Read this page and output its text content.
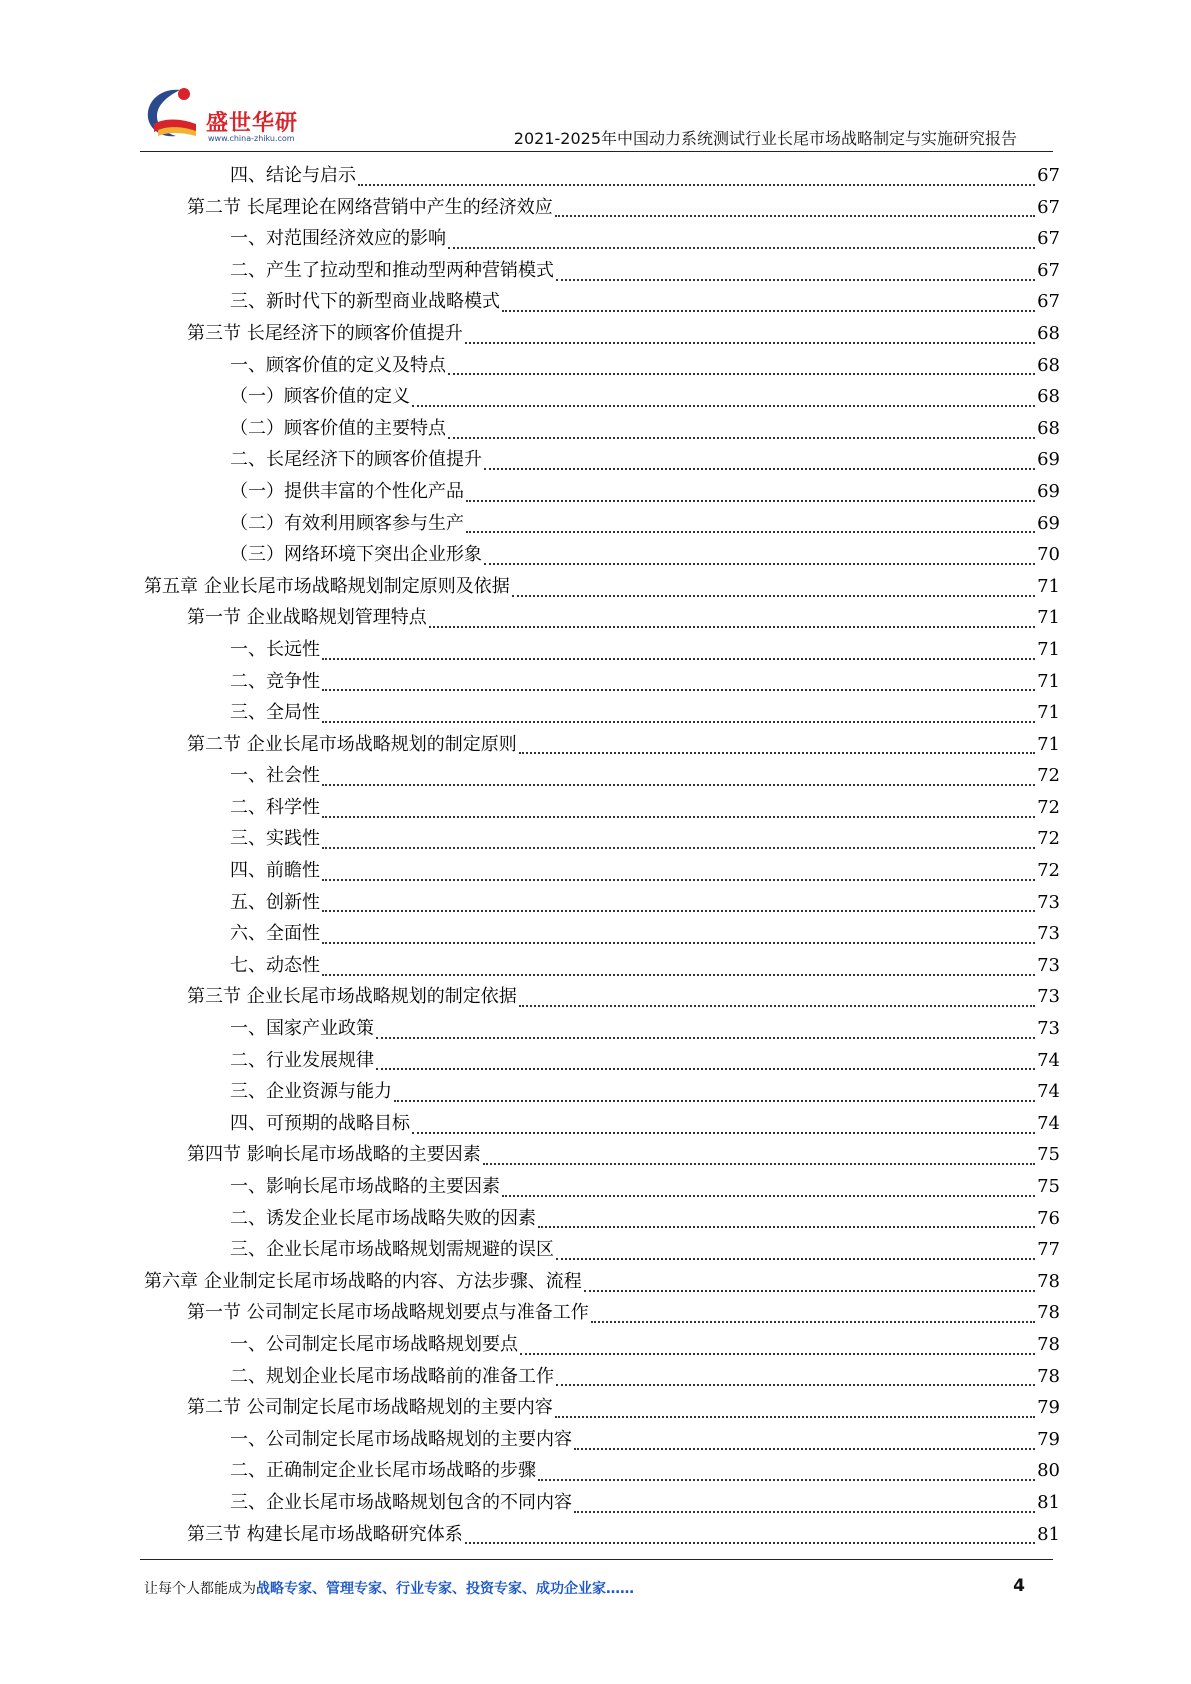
盛世华研
www.china-zhiku.com	2021-2025年中国动力系统测试行业长尾市场战略制定与实施研究报告
四、结论与启示	67
第二节 长尾理论在网络营销中产生的经济效应	67
一、对范围经济效应的影响	67
二、产生了拉动型和推动型两种营销模式	67
三、新时代下的新型商业战略模式	67
第三节 长尾经济下的顾客价值提升	68
一、顾客价值的定义及特点	68
（一）顾客价值的定义	68
（二）顾客价值的主要特点	68
二、长尾经济下的顾客价值提升	69
（一）提供丰富的个性化产品	69
（二）有效利用顾客参与生产	69
（三）网络环境下突出企业形象	70
第五章 企业长尾市场战略规划制定原则及依据	71
第一节 企业战略规划管理特点	71
一、长远性	71
二、竞争性	71
三、全局性	71
第二节 企业长尾市场战略规划的制定原则	71
一、社会性	72
二、科学性	72
三、实践性	72
四、前瞻性	72
五、创新性	73
六、全面性	73
七、动态性	73
第三节 企业长尾市场战略规划的制定依据	73
一、国家产业政策	73
二、行业发展规律	74
三、企业资源与能力	74
四、可预期的战略目标	74
第四节 影响长尾市场战略的主要因素	75
一、影响长尾市场战略的主要因素	75
二、诱发企业长尾市场战略失败的因素	76
三、企业长尾市场战略规划需规避的误区	77
第六章 企业制定长尾市场战略的内容、方法步骤、流程	78
第一节 公司制定长尾市场战略规划要点与准备工作	78
一、公司制定长尾市场战略规划要点	78
二、规划企业长尾市场战略前的准备工作	78
第二节 公司制定长尾市场战略规划的主要内容	79
一、公司制定长尾市场战略规划的主要内容	79
二、正确制定企业长尾市场战略的步骤	80
三、企业长尾市场战略规划包含的不同内容	81
第三节 构建长尾市场战略研究体系	81
让每个人都能成为战略专家、管理专家、行业专家、投资专家、成功企业家……	4
